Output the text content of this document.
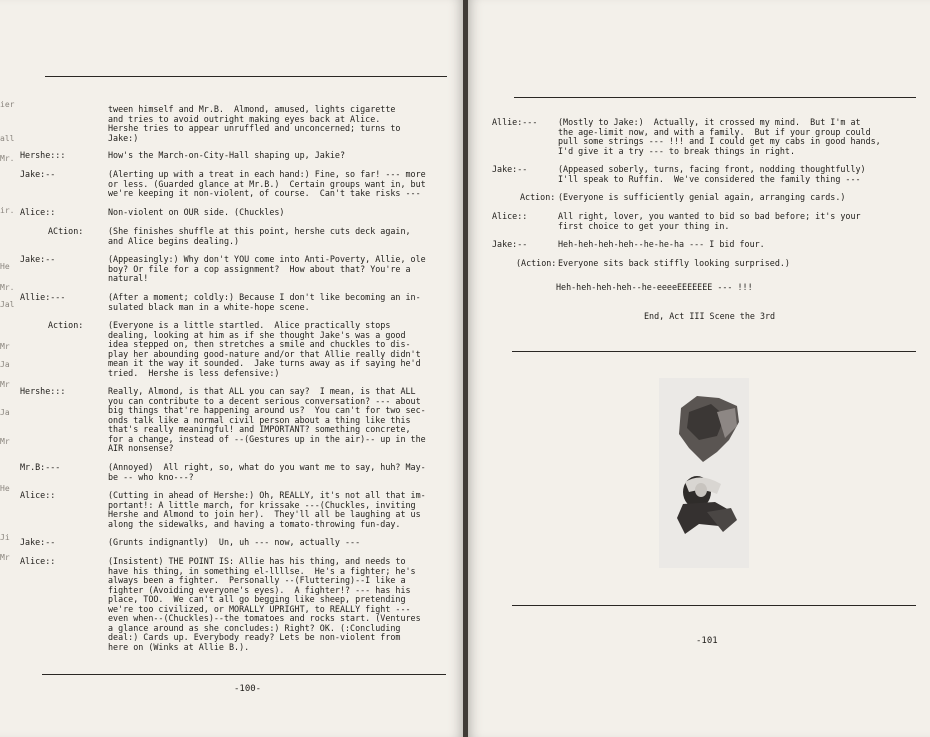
ier
all
Mr.
ir.
He
Mr.
Jal
Mr
Ja
Mr
Ja
Mr
He
Ji
Mr
tween himself and Mr.B.  Almond, amused, lights cigarette
and tries to avoid outright making eyes back at Alice.
Hershe tries to appear unruffled and unconcerned; turns to
Jake:)
Hershe:::	How's the March-on-City-Hall shaping up, Jakie?
Jake:--	(Alerting up with a treat in each hand:) Fine, so far! --- more
or less. (Guarded glance at Mr.B.)  Certain groups want in, but
we're keeping it non-violent, of course.  Can't take risks ---
Alice::	Non-violent on OUR side. (Chuckles)
ACtion:	(She finishes shuffle at this point, hershe cuts deck again,
and Alice begins dealing.)
Jake:--	(Appeasingly:) Why don't YOU come into Anti-Poverty, Allie, ole
boy? Or file for a cop assignment?  How about that? You're a
natural!
Allie:---	(After a moment; coldly:) Because I don't like becoming an in-
sulated black man in a white-hope scene.
Action:	(Everyone is a little startled.  Alice practically stops
dealing, looking at him as if she thought Jake's was a good
idea stepped on, then stretches a smile and chuckles to dis-
play her abounding good-nature and/or that Allie really didn't
mean it the way it sounded.  Jake turns away as if saying he'd
tried.  Hershe is less defensive:)
Hershe:::	Really, Almond, is that ALL you can say?  I mean, is that ALL
you can contribute to a decent serious conversation? --- about
big things that're happening around us?  You can't for two sec-
onds talk like a normal civil person about a thing like this
that's really meaningful! and IMPORTANT? something concrete,
for a change, instead of --(Gestures up in the air)-- up in the
AIR nonsense?
Mr.B:---	(Annoyed)  All right, so, what do you want me to say, huh? May-
be -- who kno---?
Alice::	(Cutting in ahead of Hershe:) Oh, REALLY, it's not all that im-
portant!: A little march, for krissake ---(Chuckles, inviting
Hershe and Almond to join her).  They'll all be laughing at us
along the sidewalks, and having a tomato-throwing fun-day.
Jake:--	(Grunts indignantly)  Un, uh --- now, actually ---
Alice::	(Insistent) THE POINT IS: Allie has his thing, and needs to
have his thing, in something el-llllse.  He's a fighter; he's
always been a fighter.  Personally --(Fluttering)--I like a
fighter (Avoiding everyone's eyes).  A fighter!? --- has his
place, TOO.  We can't all go begging like sheep, pretending
we're too civilized, or MORALLY UPRIGHT, to REALLY fight ---
even when--(Chuckles)--the tomatoes and rocks start. (Ventures
a glance around as she concludes:) Right? OK. (:Concluding
deal:) Cards up. Everybody ready? Lets be non-violent from
here on (Winks at Allie B.).
-100-
Allie:--- (Mostly to Jake:)  Actually, it crossed my mind.  But I'm at
the age-limit now, and with a family.  But if your group could
pull some strings --- !!! and I could get my cabs in good hands,
I'd give it a try --- to break things in right.
Jake:--	(Appeased soberly, turns, facing front, nodding thoughtfully)
I'll speak to Ruffin.  We've considered the family thing ---
Action: (Everyone is sufficiently genial again, arranging cards.)
Alice::	All right, lover, you wanted to bid so bad before; it's your
first choice to get your thing in.
Jake:--	Heh-heh-heh-heh--he-he-ha --- I bid four.
(Action: Everyone sits back stiffly looking surprised.)
Heh-heh-heh-heh--he-eeeeEEEEEEE --- !!!
End, Act III Scene the 3rd
-101
